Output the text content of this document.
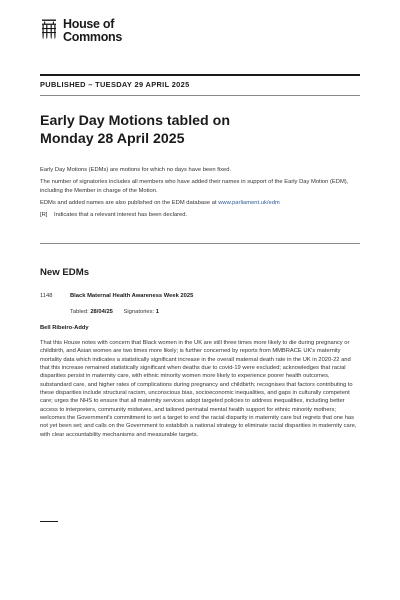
House of
Commons
PUBLISHED – TUESDAY 29 APRIL 2025
Early Day Motions tabled on
Monday 28 April 2025

Early Day Motions (EDMs) are motions for which no days have been fixed.

The number of signatories includes all members who have added their names in support of the Early Day Motion (EDM), including the Member in charge of the Motion.

EDMs and added names are also published on the EDM database at www.parliament.uk/edm

[R]	Indicates that a relevant interest has been declared.
New EDMs
1148	Black Maternal Health Awareness Week 2025
Tabled: 28/04/25 Signatories: 1
Bell Ribeiro-Addy

That this House notes with concern that Black women in the UK are still three times more likely to die during pregnancy or childbirth, and Asian women are two times more likely; is further concerned by reports from MMBRACE UK's maternity mortality data which indicates a statistically significant increase in the overall maternal death rate in the UK in 2020-22 and that this increase remained statistically significant when deaths due to covid-19 were excluded; acknowledges that racial disparities persist in maternity care, with ethnic minority women more likely to experience poorer health outcomes, substandard care, and higher rates of complications during pregnancy and childbirth; recognises that factors contributing to these disparities include structural racism, unconscious bias, socioeconomic inequalities, and gaps in culturally competent care; urges the NHS to ensure that all maternity services adopt targeted policies to address inequalities, including better access to interpreters, community midwives, and tailored perinatal mental health support for ethnic minority mothers; welcomes the Government's commitment to set a target to end the racial disparity in maternity care but regrets that one has not yet been set; and calls on the Government to establish a national strategy to eliminate racial disparities in maternity care, with clear accountability mechanisms and measurable targets.
